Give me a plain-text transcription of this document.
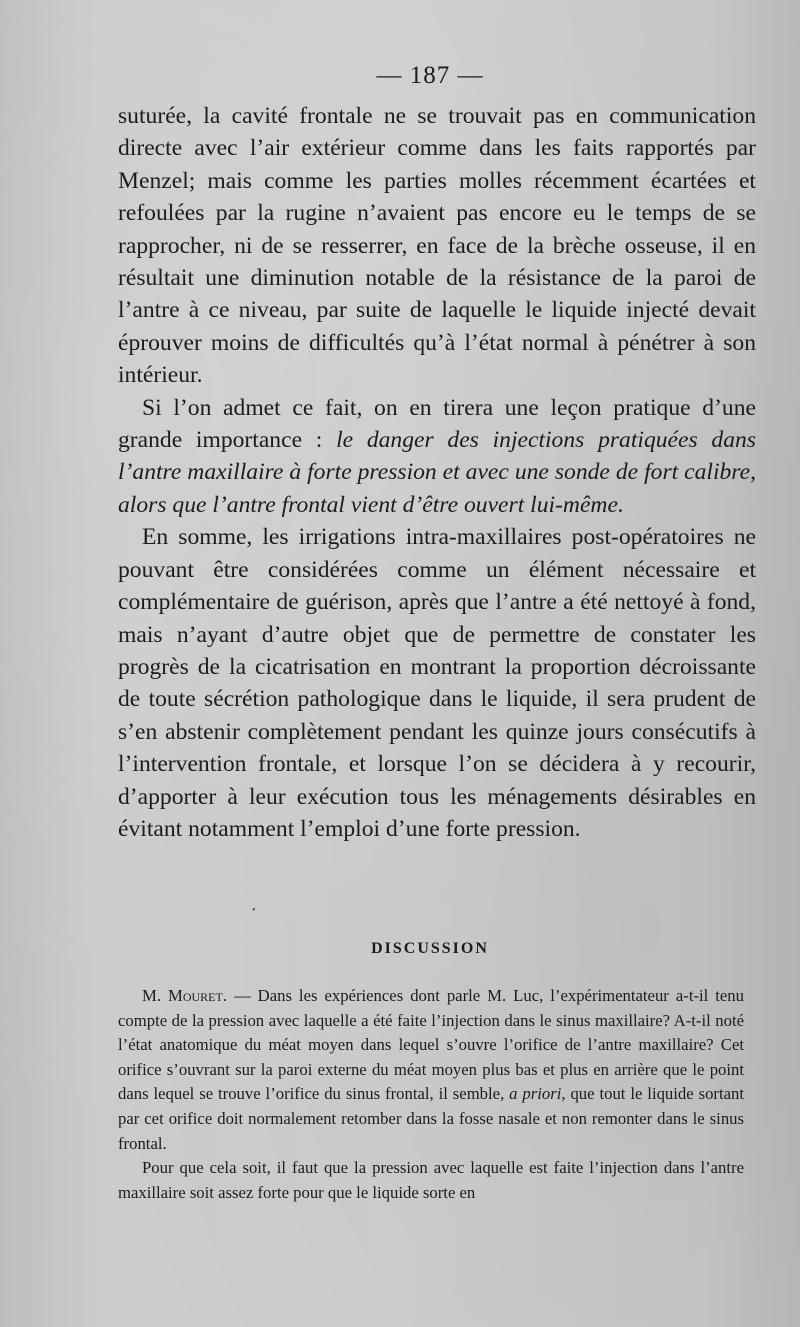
— 187 —

suturée, la cavité frontale ne se trouvait pas en communication directe avec l’air extérieur comme dans les faits rapportés par Menzel; mais comme les parties molles récemment écartées et refoulées par la rugine n’avaient pas encore eu le temps de se rapprocher, ni de se resserrer, en face de la brèche osseuse, il en résultait une diminution notable de la résistance de la paroi de l’antre à ce niveau, par suite de laquelle le liquide injecté devait éprouver moins de difficultés qu’à l’état normal à pénétrer à son intérieur.

Si l’on admet ce fait, on en tirera une leçon pratique d’une grande importance : le danger des injections pratiquées dans l’antre maxillaire à forte pression et avec une sonde de fort calibre, alors que l’antre frontal vient d’être ouvert lui-même.

En somme, les irrigations intra-maxillaires post-opératoires ne pouvant être considérées comme un élément nécessaire et complémentaire de guérison, après que l’antre a été nettoyé à fond, mais n’ayant d’autre objet que de permettre de constater les progrès de la cicatrisation en montrant la proportion décroissante de toute sécrétion pathologique dans le liquide, il sera prudent de s’en abstenir complètement pendant les quinze jours consécutifs à l’intervention frontale, et lorsque l’on se décidera à y recourir, d’apporter à leur exécution tous les ménagements désirables en évitant notamment l’emploi d’une forte pression.

•
DISCUSSION

M. Mouret. — Dans les expériences dont parle M. Luc, l’expérimentateur a-t-il tenu compte de la pression avec laquelle a été faite l’injection dans le sinus maxillaire? A-t-il noté l’état anatomique du méat moyen dans lequel s’ouvre l’orifice de l’antre maxillaire? Cet orifice s’ouvrant sur la paroi externe du méat moyen plus bas et plus en arrière que le point dans lequel se trouve l’orifice du sinus frontal, il semble, a priori, que tout le liquide sortant par cet orifice doit normalement retomber dans la fosse nasale et non remonter dans le sinus frontal.

Pour que cela soit, il faut que la pression avec laquelle est faite l’injection dans l’antre maxillaire soit assez forte pour que le liquide sorte en
